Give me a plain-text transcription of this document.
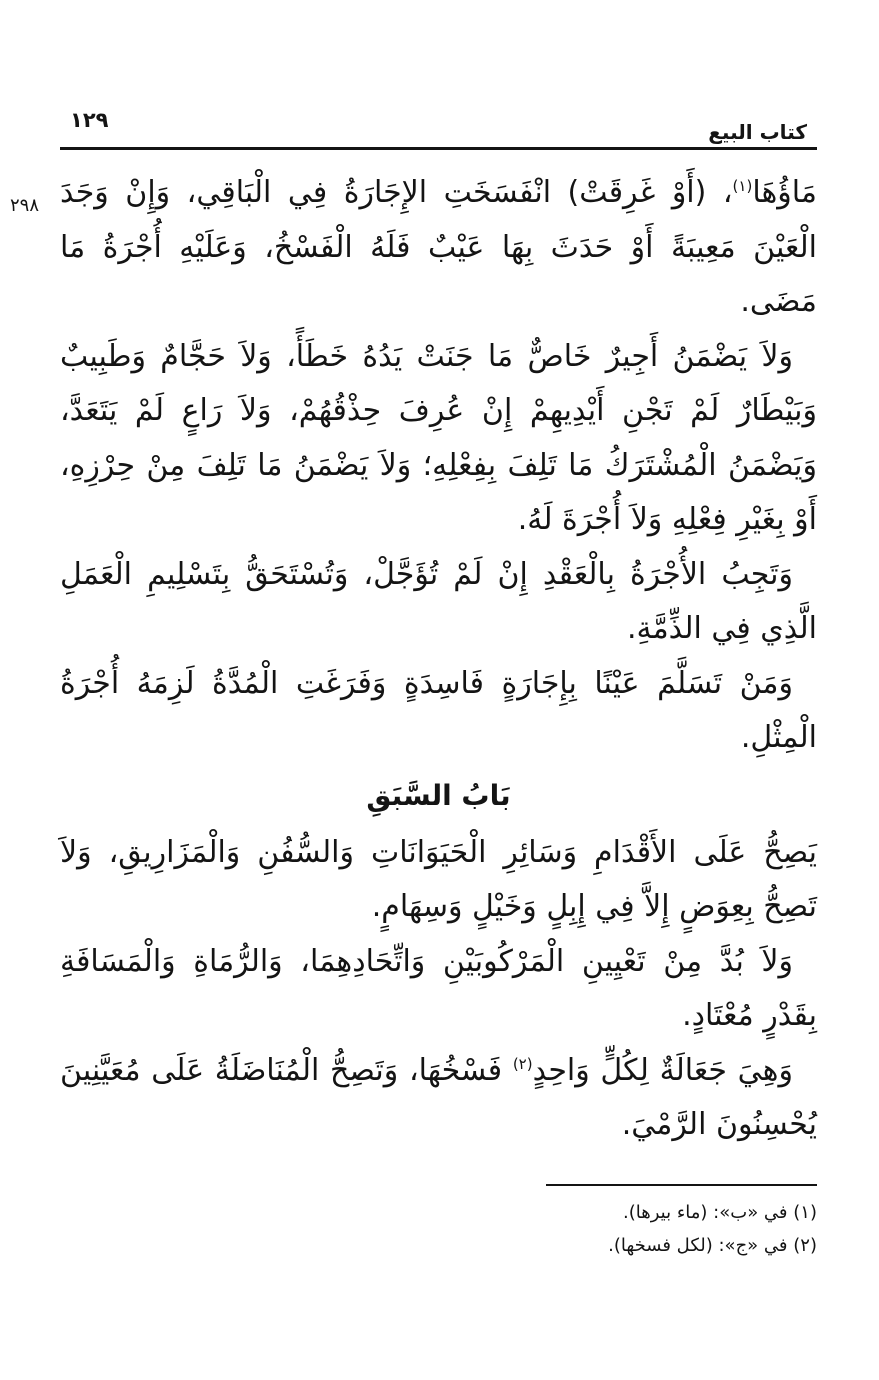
كتاب البيع
١٢٩
٢٩٨	مَاؤُهَا$^{(١)}$، (أَوْ غَرِقَتْ) انْفَسَخَتِ الإِجَارَةُ فِي الْبَاقِي، وَإِنْ وَجَدَ الْعَيْنَ مَعِيبَةً أَوْ حَدَثَ بِهَا عَيْبٌ فَلَهُ الْفَسْخُ، وَعَلَيْهِ أُجْرَةُ مَا مَضَى.

وَلاَ يَضْمَنُ أَجِيرٌ خَاصٌّ مَا جَنَتْ يَدُهُ خَطَأً، وَلاَ حَجَّامٌ وَطَبِيبٌ وَبَيْطَارٌ لَمْ تَجْنِ أَيْدِيهِمْ إِنْ عُرِفَ حِذْقُهُمْ، وَلاَ رَاعٍ لَمْ يَتَعَدَّ، وَيَضْمَنُ الْمُشْتَرَكُ مَا تَلِفَ بِفِعْلِهِ؛ وَلاَ يَضْمَنُ مَا تَلِفَ مِنْ حِرْزِهِ، أَوْ بِغَيْرِ فِعْلِهِ وَلاَ أُجْرَةَ لَهُ.

وَتَجِبُ الأُجْرَةُ بِالْعَقْدِ إِنْ لَمْ تُؤَجَّلْ، وَتُسْتَحَقُّ بِتَسْلِيمِ الْعَمَلِ الَّذِي فِي الذِّمَّةِ.

وَمَنْ تَسَلَّمَ عَيْنًا بِإِجَارَةٍ فَاسِدَةٍ وَفَرَغَتِ الْمُدَّةُ لَزِمَهُ أُجْرَةُ الْمِثْلِ.

بَابُ السَّبَقِ

يَصِحُّ عَلَى الأَقْدَامِ وَسَائِرِ الْحَيَوَانَاتِ وَالسُّفُنِ وَالْمَزَارِيقِ، وَلاَ تَصِحُّ بِعِوَضٍ إِلاَّ فِي إِبِلٍ وَخَيْلٍ وَسِهَامٍ.

وَلاَ بُدَّ مِنْ تَعْيِينِ الْمَرْكُوبَيْنِ وَاتِّحَادِهِمَا، وَالرُّمَاةِ وَالْمَسَافَةِ بِقَدْرٍ مُعْتَادٍ.

وَهِيَ جَعَالَةٌ لِكُلٍّ وَاحِدٍ$^{(٢)}$ فَسْخُهَا، وَتَصِحُّ الْمُنَاضَلَةُ عَلَى مُعَيَّنِينَ يُحْسِنُونَ الرَّمْيَ.

(١) في «ب»: (ماء بيرها).
(٢) في «ج»: (لكل فسخها).
